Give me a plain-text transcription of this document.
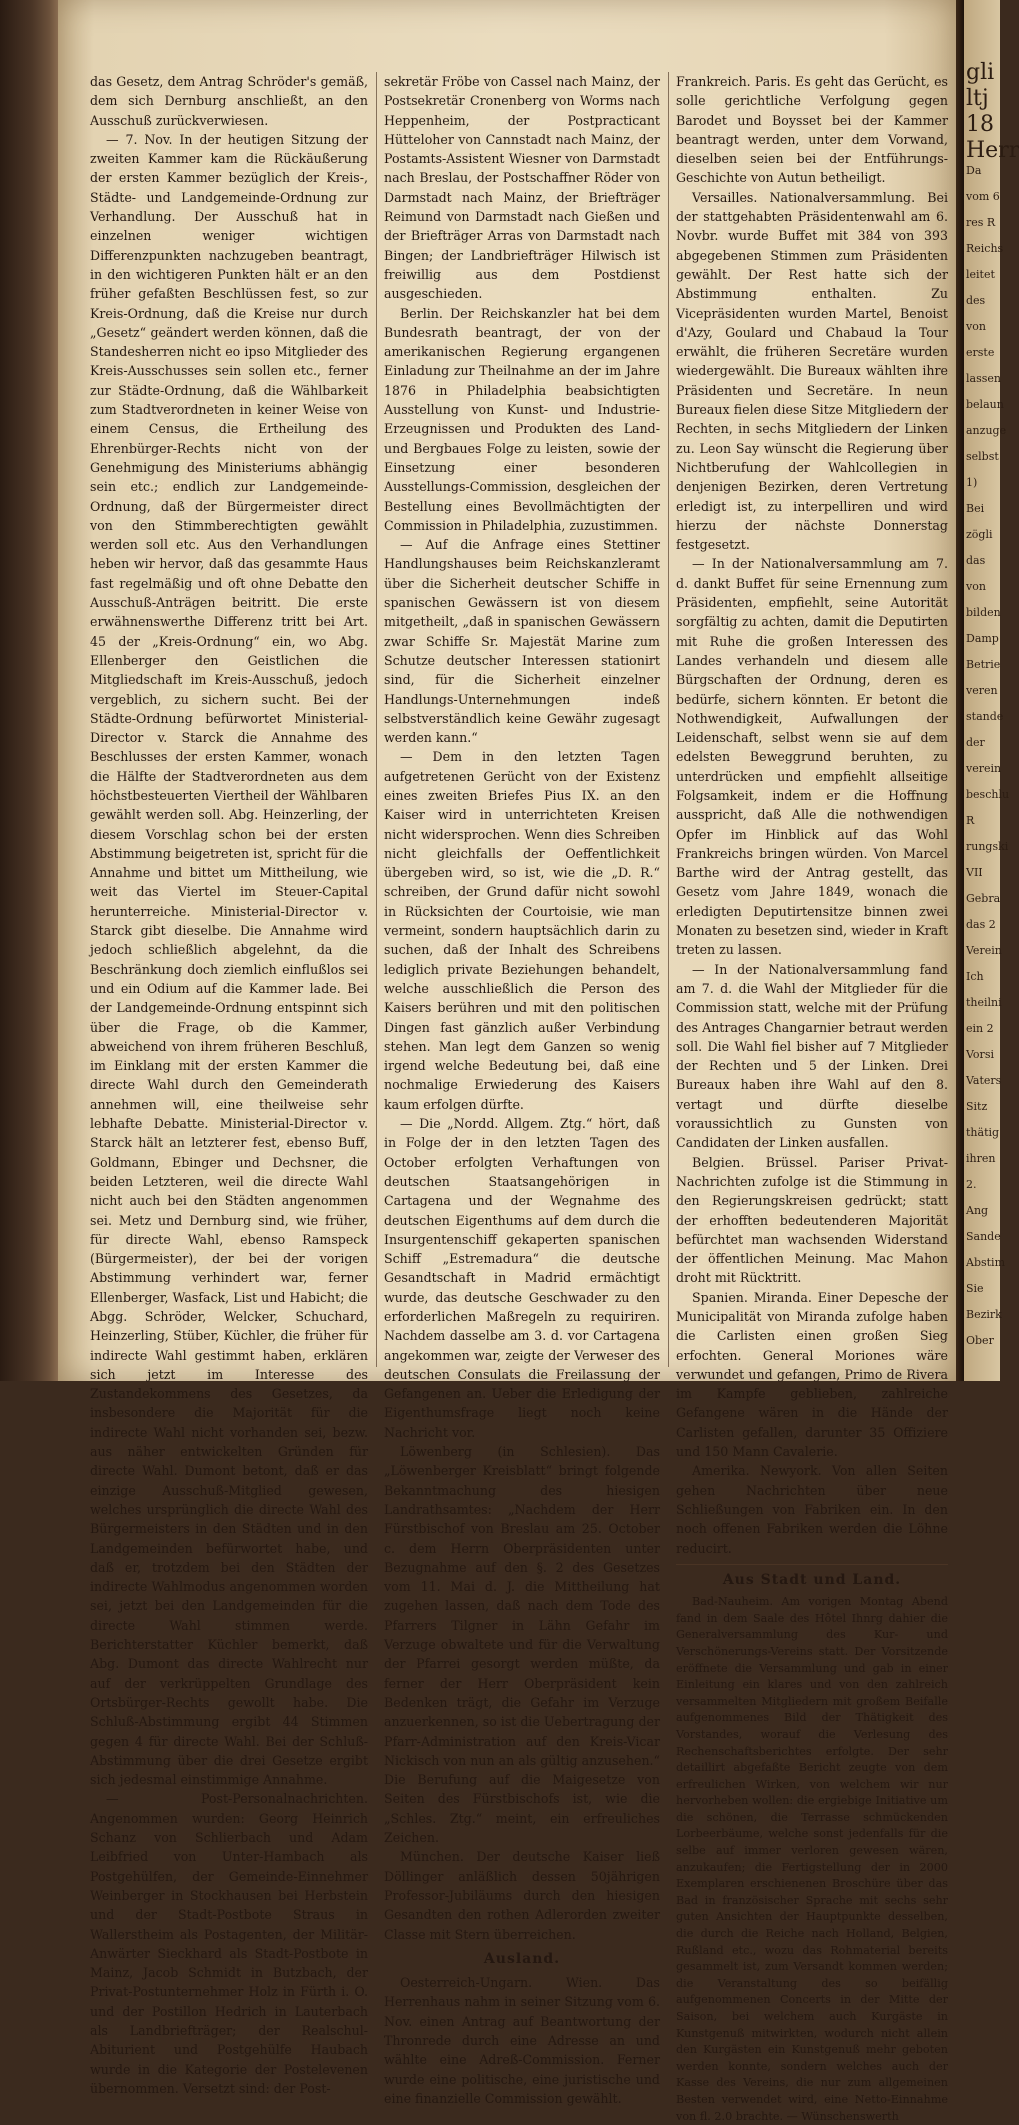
das Gesetz, dem Antrag Schröder's gemäß, dem sich Dernburg anschließt, an den Ausschuß zurückverwiesen.

— 7. Nov. In der heutigen Sitzung der zweiten Kammer kam die Rückäußerung der ersten Kammer bezüglich der Kreis-, Städte- und Landgemeinde-Ordnung zur Verhandlung. Der Ausschuß hat in einzelnen weniger wichtigen Differenzpunkten nachzugeben beantragt, in den wichtigeren Punkten hält er an den früher gefaßten Beschlüssen fest, so zur Kreis-Ordnung, daß die Kreise nur durch „Gesetz“ geändert werden können, daß die Standesherren nicht eo ipso Mitglieder des Kreis-Ausschusses sein sollen etc., ferner zur Städte-Ordnung, daß die Wählbarkeit zum Stadtverordneten in keiner Weise von einem Census, die Ertheilung des Ehrenbürger-Rechts nicht von der Genehmigung des Ministeriums abhängig sein etc.; endlich zur Landgemeinde-Ordnung, daß der Bürgermeister direct von den Stimmberechtigten gewählt werden soll etc. Aus den Verhandlungen heben wir hervor, daß das gesammte Haus fast regelmäßig und oft ohne Debatte den Ausschuß-Anträgen beitritt. Die erste erwähnenswerthe Differenz tritt bei Art. 45 der „Kreis-Ordnung“ ein, wo Abg. Ellenberger den Geistlichen die Mitgliedschaft im Kreis-Ausschuß, jedoch vergeblich, zu sichern sucht. Bei der Städte-Ordnung befürwortet Ministerial-Director v. Starck die Annahme des Beschlusses der ersten Kammer, wonach die Hälfte der Stadtverordneten aus dem höchstbesteuerten Viertheil der Wählbaren gewählt werden soll. Abg. Heinzerling, der diesem Vorschlag schon bei der ersten Abstimmung beigetreten ist, spricht für die Annahme und bittet um Mittheilung, wie weit das Viertel im Steuer-Capital herunterreiche. Ministerial-Director v. Starck gibt dieselbe. Die Annahme wird jedoch schließlich abgelehnt, da die Beschränkung doch ziemlich einflußlos sei und ein Odium auf die Kammer lade. Bei der Landgemeinde-Ordnung entspinnt sich über die Frage, ob die Kammer, abweichend von ihrem früheren Beschluß, im Einklang mit der ersten Kammer die directe Wahl durch den Gemeinderath annehmen will, eine theilweise sehr lebhafte Debatte. Ministerial-Director v. Starck hält an letzterer fest, ebenso Buff, Goldmann, Ebinger und Dechsner, die beiden Letzteren, weil die directe Wahl nicht auch bei den Städten angenommen sei. Metz und Dernburg sind, wie früher, für directe Wahl, ebenso Ramspeck (Bürgermeister), der bei der vorigen Abstimmung verhindert war, ferner Ellenberger, Wasfack, List und Habicht; die Abgg. Schröder, Welcker, Schuchard, Heinzerling, Stüber, Küchler, die früher für indirecte Wahl gestimmt haben, erklären sich jetzt im Interesse des Zustandekommens des Gesetzes, da insbesondere die Majorität für die indirecte Wahl nicht vorhanden sei, bezw. aus näher entwickelten Gründen für directe Wahl. Dumont betont, daß er das einzige Ausschuß-Mitglied gewesen, welches ursprünglich die directe Wahl des Bürgermeisters in den Städten und in den Landgemeinden befürwortet habe, und daß er, trotzdem bei den Städten der indirecte Wahlmodus angenommen worden sei, jetzt bei den Landgemeinden für die directe Wahl stimmen werde. Berichterstatter Küchler bemerkt, daß Abg. Dumont das directe Wahlrecht nur auf der verkrüppelten Grundlage des Ortsbürger-Rechts gewollt habe. Die Schluß-Abstimmung ergibt 44 Stimmen gegen 4 für directe Wahl. Bei der Schluß-Abstimmung über die drei Gesetze ergibt sich jedesmal einstimmige Annahme.

— Post-Personalnachrichten. Angenommen wurden: Georg Heinrich Schanz von Schlierbach und Adam Leibfried von Unter-Hambach als Postgehülfen, der Gemeinde-Einnehmer Weinberger in Stockhausen bei Herbstein und der Stadt-Postbote Straus in Wallerstheim als Postagenten, der Militär-Anwärter Sieckhard als Stadt-Postbote in Mainz, Jacob Schmidt in Butzbach, der Privat-Postunternehmer Holz in Fürth i. O. und der Postillon Hedrich in Lauterbach als Landbriefträger; der Realschul-Abiturient und Postgehülfe Haubach wurde in die Kategorie der Postelevenen übernommen. Versetzt sind: der Post-

sekretär Fröbe von Cassel nach Mainz, der Postsekretär Cronenberg von Worms nach Heppenheim, der Postpracticant Hütteloher von Cannstadt nach Mainz, der Postamts-Assistent Wiesner von Darmstadt nach Breslau, der Postschaffner Röder von Darmstadt nach Mainz, der Briefträger Reimund von Darmstadt nach Gießen und der Briefträger Arras von Darmstadt nach Bingen; der Landbriefträger Hilwisch ist freiwillig aus dem Postdienst ausgeschieden.

Berlin. Der Reichskanzler hat bei dem Bundesrath beantragt, der von der amerikanischen Regierung ergangenen Einladung zur Theilnahme an der im Jahre 1876 in Philadelphia beabsichtigten Ausstellung von Kunst- und Industrie-Erzeugnissen und Produkten des Land- und Bergbaues Folge zu leisten, sowie der Einsetzung einer besonderen Ausstellungs-Commission, desgleichen der Bestellung eines Bevollmächtigten der Commission in Philadelphia, zuzustimmen.

— Auf die Anfrage eines Stettiner Handlungshauses beim Reichskanzleramt über die Sicherheit deutscher Schiffe in spanischen Gewässern ist von diesem mitgetheilt, „daß in spanischen Gewässern zwar Schiffe Sr. Majestät Marine zum Schutze deutscher Interessen stationirt sind, für die Sicherheit einzelner Handlungs-Unternehmungen indeß selbstverständlich keine Gewähr zugesagt werden kann.“

— Dem in den letzten Tagen aufgetretenen Gerücht von der Existenz eines zweiten Briefes Pius IX. an den Kaiser wird in unterrichteten Kreisen nicht widersprochen. Wenn dies Schreiben nicht gleichfalls der Oeffentlichkeit übergeben wird, so ist, wie die „D. R.“ schreiben, der Grund dafür nicht sowohl in Rücksichten der Courtoisie, wie man vermeint, sondern hauptsächlich darin zu suchen, daß der Inhalt des Schreibens lediglich private Beziehungen behandelt, welche ausschließlich die Person des Kaisers berühren und mit den politischen Dingen fast gänzlich außer Verbindung stehen. Man legt dem Ganzen so wenig irgend welche Bedeutung bei, daß eine nochmalige Erwiederung des Kaisers kaum erfolgen dürfte.

— Die „Nordd. Allgem. Ztg.“ hört, daß in Folge der in den letzten Tagen des October erfolgten Verhaftungen von deutschen Staatsangehörigen in Cartagena und der Wegnahme des deutschen Eigenthums auf dem durch die Insurgentenschiff gekaperten spanischen Schiff „Estremadura“ die deutsche Gesandtschaft in Madrid ermächtigt wurde, das deutsche Geschwader zu den erforderlichen Maßregeln zu requiriren. Nachdem dasselbe am 3. d. vor Cartagena angekommen war, zeigte der Verweser des deutschen Consulats die Freilassung der Gefangenen an. Ueber die Erledigung der Eigenthumsfrage liegt noch keine Nachricht vor.

Löwenberg (in Schlesien). Das „Löwenberger Kreisblatt“ bringt folgende Bekanntmachung des hiesigen Landrathsamtes: „Nachdem der Herr Fürstbischof von Breslau am 25. October c. dem Herrn Oberpräsidenten unter Bezugnahme auf den §. 2 des Gesetzes vom 11. Mai d. J. die Mittheilung hat zugehen lassen, daß nach dem Tode des Pfarrers Tilgner in Lähn Gefahr im Verzuge obwaltete und für die Verwaltung der Pfarrei gesorgt werden müßte, da ferner der Herr Oberpräsident kein Bedenken trägt, die Gefahr im Verzuge anzuerkennen, so ist die Uebertragung der Pfarr-Administration auf den Kreis-Vicar Nickisch von nun an als gültig anzusehen.“ Die Berufung auf die Maigesetze von Seiten des Fürstbischofs ist, wie die „Schles. Ztg.“ meint, ein erfreuliches Zeichen.

München. Der deutsche Kaiser ließ Döllinger anläßlich dessen 50jährigen Professor-Jubiläums durch den hiesigen Gesandten den rothen Adlerorden zweiter Classe mit Stern überreichen.

Ausland.

Oesterreich-Ungarn. Wien. Das Herrenhaus nahm in seiner Sitzung vom 6. Nov. einen Antrag auf Beantwortung der Thronrede durch eine Adresse an und wählte eine Adreß-Commission. Ferner wurde eine politische, eine juristische und eine finanzielle Commission gewählt.

Frankreich. Paris. Es geht das Gerücht, es solle gerichtliche Verfolgung gegen Barodet und Boysset bei der Kammer beantragt werden, unter dem Vorwand, dieselben seien bei der Entführungs-Geschichte von Autun betheiligt.

Versailles. Nationalversammlung. Bei der stattgehabten Präsidentenwahl am 6. Novbr. wurde Buffet mit 384 von 393 abgegebenen Stimmen zum Präsidenten gewählt. Der Rest hatte sich der Abstimmung enthalten. Zu Vicepräsidenten wurden Martel, Benoist d'Azy, Goulard und Chabaud la Tour erwählt, die früheren Secretäre wurden wiedergewählt. Die Bureaux wählten ihre Präsidenten und Secretäre. In neun Bureaux fielen diese Sitze Mitgliedern der Rechten, in sechs Mitgliedern der Linken zu. Leon Say wünscht die Regierung über Nichtberufung der Wahlcollegien in denjenigen Bezirken, deren Vertretung erledigt ist, zu interpelliren und wird hierzu der nächste Donnerstag festgesetzt.

— In der Nationalversammlung am 7. d. dankt Buffet für seine Ernennung zum Präsidenten, empfiehlt, seine Autorität sorgfältig zu achten, damit die Deputirten mit Ruhe die großen Interessen des Landes verhandeln und diesem alle Bürgschaften der Ordnung, deren es bedürfe, sichern könnten. Er betont die Nothwendigkeit, Aufwallungen der Leidenschaft, selbst wenn sie auf dem edelsten Beweggrund beruhten, zu unterdrücken und empfiehlt allseitige Folgsamkeit, indem er die Hoffnung ausspricht, daß Alle die nothwendigen Opfer im Hinblick auf das Wohl Frankreichs bringen würden. Von Marcel Barthe wird der Antrag gestellt, das Gesetz vom Jahre 1849, wonach die erledigten Deputirtensitze binnen zwei Monaten zu besetzen sind, wieder in Kraft treten zu lassen.

— In der Nationalversammlung fand am 7. d. die Wahl der Mitglieder für die Commission statt, welche mit der Prüfung des Antrages Changarnier betraut werden soll. Die Wahl fiel bisher auf 7 Mitglieder der Rechten und 5 der Linken. Drei Bureaux haben ihre Wahl auf den 8. vertagt und dürfte dieselbe voraussichtlich zu Gunsten von Candidaten der Linken ausfallen.

Belgien. Brüssel. Pariser Privat-Nachrichten zufolge ist die Stimmung in den Regierungskreisen gedrückt; statt der erhofften bedeutenderen Majorität befürchtet man wachsenden Widerstand der öffentlichen Meinung. Mac Mahon droht mit Rücktritt.

Spanien. Miranda. Einer Depesche der Municipalität von Miranda zufolge haben die Carlisten einen großen Sieg erfochten. General Moriones wäre verwundet und gefangen, Primo de Rivera im Kampfe geblieben, zahlreiche Gefangene wären in die Hände der Carlisten gefallen, darunter 35 Offiziere und 150 Mann Cavalerie.

Amerika. Newyork. Von allen Seiten gehen Nachrichten über neue Schließungen von Fabriken ein. In den noch offenen Fabriken werden die Löhne reducirt.

Aus Stadt und Land.

Bad-Nauheim. Am vorigen Montag Abend fand in dem Saale des Hôtel Ihnrg dahier die Generalversammlung des Kur- und Verschönerungs-Vereins statt. Der Vorsitzende eröffnete die Versammlung und gab in einer Einleitung ein klares und von den zahlreich versammelten Mitgliedern mit großem Beifalle aufgenommenes Bild der Thätigkeit des Vorstandes, worauf die Verlesung des Rechenschaftsberichtes erfolgte. Der sehr detaillirt abgefaßte Bericht zeugte von dem erfreulichen Wirken, von welchem wir nur hervorheben wollen: die ergiebige Initiative um die schönen, die Terrasse schmückenden Lorbeerbäume, welche sonst jedenfalls für die selbe auf immer verloren gewesen wären, anzukaufen; die Fertigstellung der in 2000 Exemplaren erschienenen Broschüre über das Bad in französischer Sprache mit sechs sehr guten Ansichten der Hauptpunkte desselben, die durch die Reiche nach Holland, Belgien, Rußland etc., wozu das Rohmaterial bereits gesammelt ist, zum Versandt kommen werden; die Veranstaltung des so beifällig aufgenommenen Concerts in der Mitte der Saison, bei welchem auch Kurgäste in Kunstgenuß mitwirkten, wodurch nicht allein den Kurgästen ein Kunstgenuß mehr geboten werden konnte, sondern welches auch der Kasse des Vereins, die nur zum allgemeinen Besten verwendet wird, eine Netto-Einnahme von fl. 2.0 brachte. — Wünschenswerth

gli
ltj
18
Herr
Da
vom 6
res R
Reichs
leitet
des
von
erste
lassen
belaun
anzuge
selbst
1)
Bei
zögli
das
von
bilden
Damp
Betrie
veren
stande
der
verein
beschlu
R
rungski
VII
Gebra
das 2
Verein
Ich
theilni
ein 2
Vorsi
Vaters
Sitz
thätig
ihren
2.
Ang
Sande
Abstim
Sie
Bezirk
Ober
